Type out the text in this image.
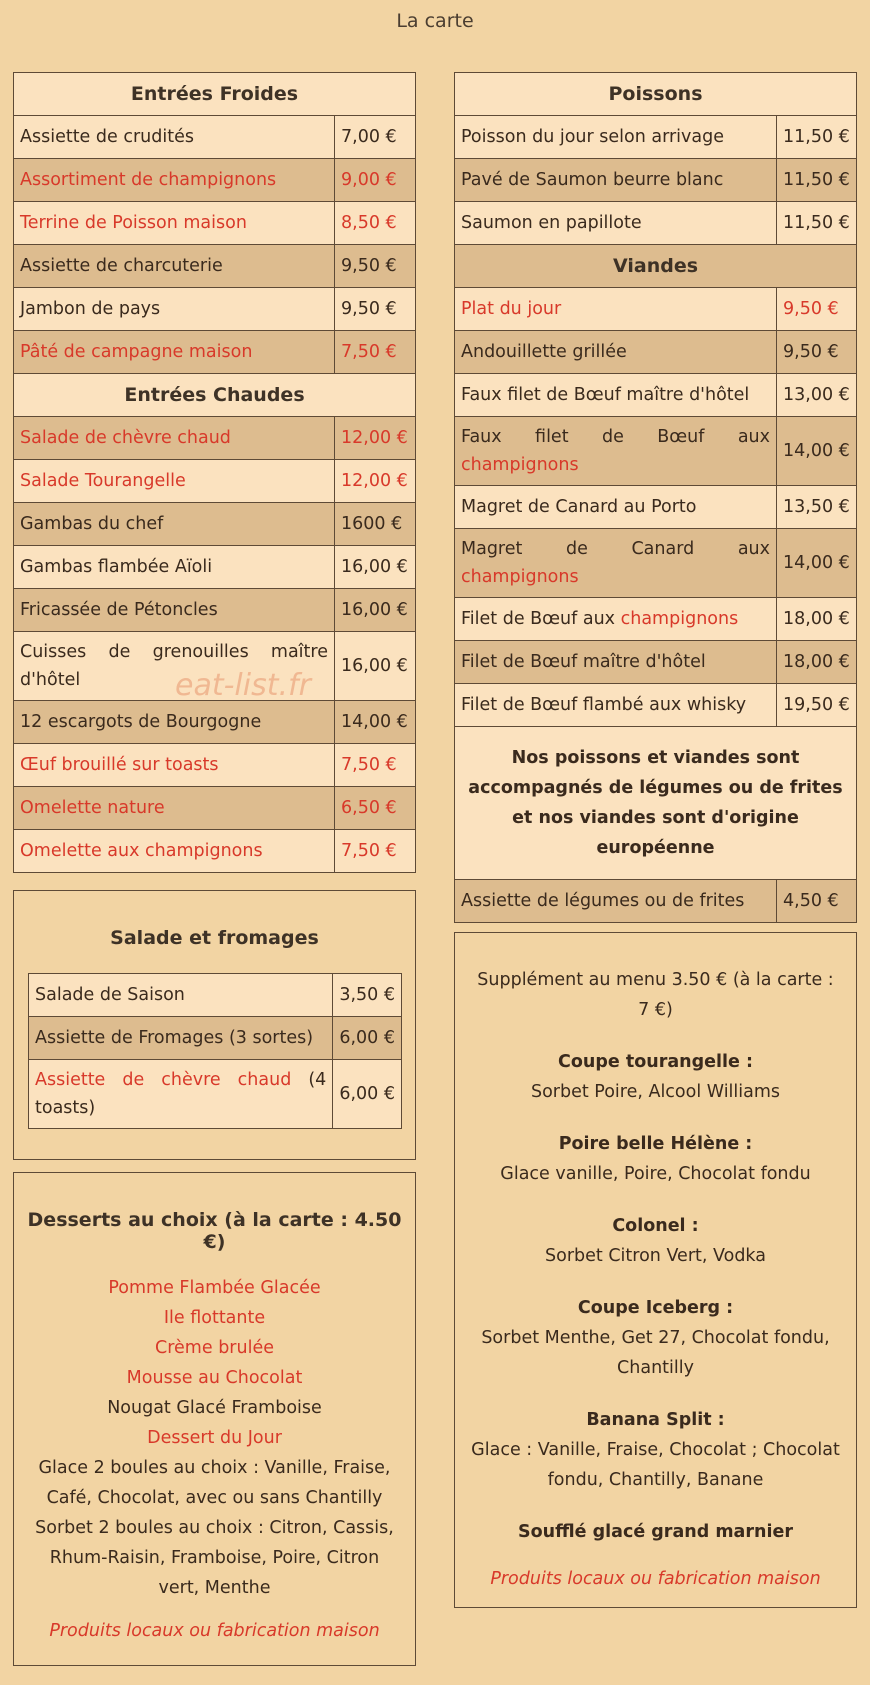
La carte
Entrées Froides	
Assiette de crudités	7,00 €
Assortiment de champignons	9,00 €
Terrine de Poisson maison	8,50 €
Assiette de charcuterie	9,50 €
Jambon de pays	9,50 €
Pâté de campagne maison	7,50 €
Entrées Chaudes	
Salade de chèvre chaud	12,00 €
Salade Tourangelle	12,00 €
Gambas du chef	1600 €
Gambas flambée Aïoli	16,00 €
Fricassée de Pétoncles	16,00 €

Cuisses de grenouilles maître
d'hôtel	16,00 €
12 escargots de Bourgogne	14,00 €
Œuf brouillé sur toasts	7,50 €
Omelette nature	6,50 €
Omelette aux champignons	7,50 €
Salade et fromages
Salade de Saison	3,50 €
Assiette de Fromages (3 sortes)	6,00 €

Assiette de chèvre chaud (4
toasts)	6,00 €
Desserts au choix (à la carte : 4.50 €)
Pomme Flambée Glacée
Ile flottante
Crème brulée
Mousse au Chocolat
Nougat Glacé Framboise
Dessert du Jour
Glace 2 boules au choix : Vanille, Fraise, Café, Chocolat, avec ou sans Chantilly
Sorbet 2 boules au choix : Citron, Cassis, Rhum-Raisin, Framboise, Poire, Citron vert, Menthe
Produits locaux ou fabrication maison
Poissons	
Poisson du jour selon arrivage	11,50 €
Pavé de Saumon beurre blanc	11,50 €
Saumon en papillote	11,50 €
Viandes	
Plat du jour	9,50 €
Andouillette grillée	9,50 €
Faux filet de Bœuf maître d'hôtel	13,00 €

Faux filet de Bœuf aux
champignons	14,00 €
Magret de Canard au Porto	13,50 €

Magret de Canard aux
champignons	14,00 €
Filet de Bœuf aux champignons	18,00 €
Filet de Bœuf maître d'hôtel	18,00 €
Filet de Bœuf flambé aux whisky	19,50 €
Nos poissons et viandes sont accompagnés de légumes ou de frites et nos viandes sont d'origine européenne	
Assiette de légumes ou de frites	4,50 €
Supplément au menu 3.50 € (à la carte : 7 €)
Coupe tourangelle :
Sorbet Poire, Alcool Williams
Poire belle Hélène :
Glace vanille, Poire, Chocolat fondu
Colonel :
Sorbet Citron Vert, Vodka
Coupe Iceberg :
Sorbet Menthe, Get 27, Chocolat fondu, Chantilly
Banana Split :
Glace : Vanille, Fraise, Chocolat ; Chocolat fondu, Chantilly, Banane
Soufflé glacé grand marnier
Produits locaux ou fabrication maison
eat-list.fr
